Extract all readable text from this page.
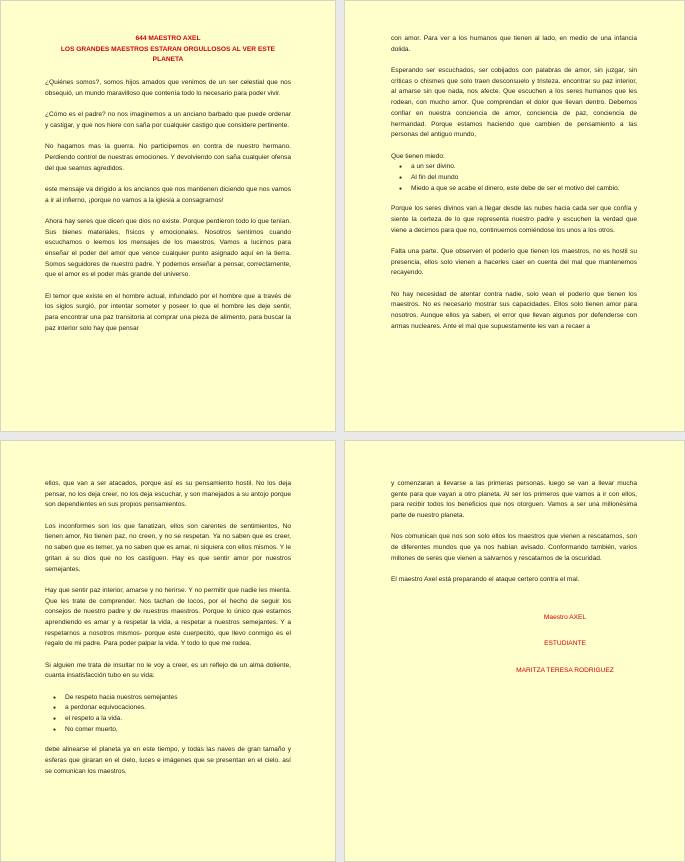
644 MAESTRO AXEL
LOS GRANDES MAESTROS ESTARAN ORGULLOSOS AL VER ESTE PLANETA

¿Quiénes somos?, somos hijos amados que venimos de un ser celestial que nos obsequió, un mundo maravilloso que contenía todo lo necesario para poder vivir.

¿Cómo es el padre? no nos imaginemos a un anciano barbado que puede ordenar y castigar, y que nos hiere con saña por cualquier castigo que considere pertinente.

No hagamos mas la guerra. No participemos en contra de nuestro hermano. Perdiendo control de nuestras emociones. Y devolviendo con saña cualquier ofensa del que seamos agredidos.

este mensaje va dirigido a los ancianos que nos mantienen diciendo que nos vamos a ir al infierno, ¡porque no vamos a la iglesia a consagrarnos!

Ahora hay seres que dicen que dios no existe. Porque perdieron todo lo que tenían. Sus bienes materiales, físicos y emocionales. Nosotros sentimos cuando escuchamos o leemos los mensajes de los maestros. Vamos a lucirnos para enseñar el poder del amor que vence cualquier punto asignado aquí en la tierra. Somos seguidores de nuestro padre. Y podemos enseñar a pensar, correctamente, que el amor es el poder más grande del universo.

El temor que existe en el hombre actual, infundado por el hombre que a través de los siglos surgió, por intentar someter y poseer lo que el hombre les deje sentir, para encontrar una paz transitoria al comprar una pieza de alimento, para buscar la paz interior solo hay que pensar

con amor. Para ver a los humanos que tienen al lado, en medio de una infancia dolida.

Esperando ser escuchados, ser cobijados con palabras de amor, sin juzgar, sin críticas o chismes que solo traen desconsuelo y tristeza. encontrar su paz interior, al amarse sin que nada, nos afecte. Que escuchen a los seres humanos que les rodean, con mucho amor. Que comprendan el dolor que llevan dentro. Debemos confiar en nuestra conciencia de amor, conciencia de paz, conciencia de hermandad. Porque estamos haciendo que cambien de pensamiento a las personas del antiguo mundo,

Que tienen miedo:

● a un ser divino.
● Al fin del mundo
● Miedo a que se acabe el dinero, este debe de ser el motivo del cambio.

Porque los seres divinos van a llegar desde las nubes hacia cada ser que confía y siente la certeza de lo que representa nuestro padre y escuchen la verdad que viene a decirnos para que no, continuemos comiéndose los unos a los otros.

Falta una parte. Que observen el poderío que tienen los maestros, no es hostil su presencia, ellos solo vienen a hacerles caer en cuenta del mal que mantenemos recayendo.

No hay necesidad de atentar contra nadie, solo vean el poderío que tienen los maestros. No es necesario mostrar sus capacidades. Ellos solo tienen amor para nosotros. Aunque ellos ya saben, el error que llevan algunos por defenderse con armas nucleares. Ante el mal que supuestamente les van a recaer a

ellos, que van a ser atacados, porque así es su pensamiento hostil. No los deja pensar, no los deja creer, no los deja escuchar, y son manejados a su antojo porque son dependientes en sus propios pensamientos.

Los inconformes son los que fanatizan, ellos son carentes de sentimientos, No tienen amor, No tienen paz, no creen, y no se respetan. Ya no saben que es creer, no saben que es temer, ya no saben que es amar, ni siquiera con ellos mismos. Y le gritan a su dios que no los castiguen. Hay es que sentir amor por nuestros semejantes.

Hay que sentir paz interior, amarse y no herirse. Y no permitir que nadie les mienta. Que les trate de comprender. Nos tachan de locos, por el hecho de seguir los consejos de nuestro padre y de nuestros maestros. Porque lo único que estamos aprendiendo es amar y a respetar la vida, a respetar a nuestros semejantes. Y a respetarnos a nosotros mismos- porque este cuerpecito, que llevo conmigo es el regalo de mi padre. Para poder palpar la vida. Y todo lo que me rodea.

Si alguien me trata de insultar no le voy a creer, es un reflejo de un alma doliente, cuanta insatisfacción tubo en su vida:

● De respeto hacia nuestros semejantes
● a perdonar equivocaciones.
● el respeto a la vida.
● No comer muerto,

debe alinearse el planeta ya en este tiempo, y todas las naves de gran tamaño y esferas que giraran en el cielo, luces e imágenes que se presentan en el cielo. así se comunican los maestros.

y comenzaran a llevarse a las primeras personas. luego se van a llevar mucha gente para que vayan a otro planeta. Al ser los primeros que vamos a ir con ellos, para recibir todos los beneficios que nos otorguen. Vamos a ser una millonésima parte de nuestro planeta.

Nos comunican que nos son solo ellos los maestros que vienen a rescatarnos, son de diferentes mundos que ya nos habían avisado. Conformando también, varios millones de seres que vienen a salvarnos y rescatarnos de la oscuridad.

El maestro Axel está preparando el ataque certero contra el mal.

Maestro AXEL

ESTUDIANTE

MARITZA TERESA RODRIGUEZ
